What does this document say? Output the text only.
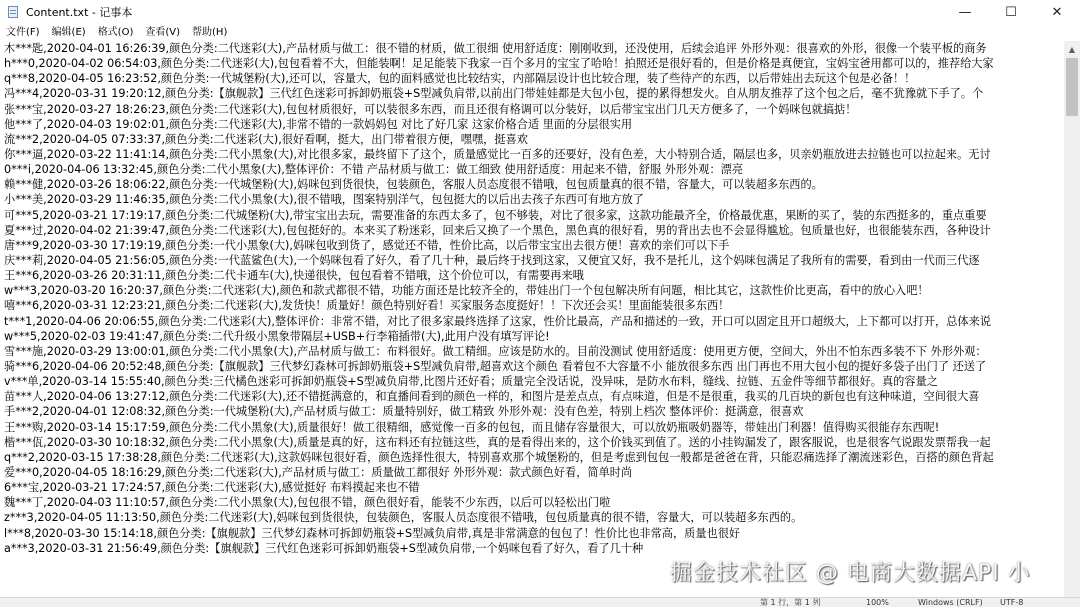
Content.txt - 记事本	—	☐	✕
文件(F)	编辑(E)	格式(O)	查看(V)	帮助(H)
木***匙,2020-04-01 16:26:39,颜色分类:二代迷彩(大),产品材质与做工：很不错的材质，做工很细 使用舒适度：刚刚收到，还没使用，后续会追评 外形外观：很喜欢的外形，很像一个装平板的商务
h***0,2020-04-02 06:54:03,颜色分类:二代迷彩(大),包包看着不大，但能装啊！足足能装下我家一百个多月的宝宝了哈哈！拍照还是很好看的，但是价格是真便宜，宝妈宝爸用都可以的，推荐给大家
q***8,2020-04-05 16:23:52,颜色分类:一代城堡粉(大),还可以，容量大，包的面料感觉也比较结实，内部隔层设计也比较合理，装了些待产的东西，以后带娃出去玩这个包是必备！！
冯***4,2020-03-31 19:20:12,颜色分类:【旗舰款】三代红色迷彩可拆卸奶瓶袋+S型减负肩带,以前出门带娃娃都是大包小包，提的累得想发火。自从朋友推荐了这个包之后，毫不犹豫就下手了。个
张***宝,2020-03-27 18:26:23,颜色分类:二代迷彩(大),包包材质很好，可以装很多东西，而且还很有格调可以分装好，以后带宝宝出门几天方便多了，一个妈咪包就搞掂！
他***了,2020-04-03 19:02:01,颜色分类:二代迷彩(大),非常不错的一款妈妈包 对比了好几家 这家价格合适 里面的分层很实用
流***2,2020-04-05 07:33:37,颜色分类:二代迷彩(大),很好看啊，挺大，出门带着很方便，嘿嘿，挺喜欢
你***逼,2020-03-22 11:41:14,颜色分类:二代小黑象(大),对比很多家，最终留下了这个，质量感觉比一百多的还要好，没有色差，大小特别合适，隔层也多，贝亲奶瓶放进去拉链也可以拉起来。无讨
0***i,2020-04-06 13:32:45,颜色分类:二代小黑象(大),整体评价：不错 产品材质与做工：做工细致 使用舒适度：用起来不错，舒服 外形外观：漂亮
赖***健,2020-03-26 18:06:22,颜色分类:一代城堡粉(大),妈咪包到货很快，包装颜色，客服人员态度很不错哦，包包质量真的很不错，容量大，可以装超多东西的。
小***美,2020-03-29 11:46:35,颜色分类:二代小黑象(大),很不错哦，图案特别洋气，包包挺大的以后出去孩子东西可有地方放了
可***5,2020-03-21 17:19:17,颜色分类:二代城堡粉(大),带宝宝出去玩，需要准备的东西太多了，包不够装，对比了很多家，这款功能最齐全，价格最优惠，果断的买了，装的东西挺多的，重点重要
夏***过,2020-04-02 21:39:47,颜色分类:二代迷彩(大),包包挺好的。本来买了粉迷彩，回来后又换了一个黑色，黑色真的很好看，男的背出去也不会显得尴尬。包质量也好，也很能装东西，各种设计
唐***9,2020-03-30 17:19:19,颜色分类:一代小黑象(大),妈咪包收到货了，感觉还不错，性价比高，以后带宝宝出去很方便！喜欢的亲们可以下手
庆***莉,2020-04-05 21:56:05,颜色分类:一代蓝鲨色(大),一个妈咪包看了好久，看了几十种，最后终于找到这家，又便宜又好，我不是托儿，这个妈咪包满足了我所有的需要，看到由一代而三代逐
王***6,2020-03-26 20:31:11,颜色分类:二代卡通车(大),快递很快，包包看着不错哦，这个价位可以，有需要再来哦
w***3,2020-03-20 16:20:37,颜色分类:二代迷彩(大),颜色和款式都很不错，功能方面还是比较齐全的，带娃出门一个包包解决所有问题，相比其它，这款性价比更高，看中的放心入吧！
嘻***6,2020-03-31 12:23:21,颜色分类:二代迷彩(大),发货快！质量好！颜色特别好看！买家服务态度挺好！！下次还会买！里面能装很多东西！
t***1,2020-04-06 20:06:55,颜色分类:二代迷彩(大),整体评价：非常不错，对比了很多家最终选择了这家，性价比最高，产品和描述的一致，开口可以固定且开口超级大，上下都可以打开，总体来说
w***5,2020-02-03 19:41:47,颜色分类:二代升级小黑象带隔层+USB+行李箱插带(大),此用户没有填写评论!
雪***施,2020-03-29 13:00:01,颜色分类:二代小黑象(大),产品材质与做工：布料很好。做工精细。应该是防水的。目前没测试 使用舒适度：使用更方便，空间大，外出不怕东西多装不下 外形外观：
骑***6,2020-04-06 20:52:48,颜色分类:【旗舰款】三代梦幻森林可拆卸奶瓶袋+S型减负肩带,超喜欢这个颜色 看着包不大容量不小 能放很多东西 出门再也不用大包小包的提好多袋子出门了 还送了
v***单,2020-03-14 15:55:40,颜色分类:三代橘色迷彩可拆卸奶瓶袋+S型减负肩带,比图片还好看；质量完全没话说，没异味，是防水布料，缝线、拉链、五金件等细节都很好。真的容量之
苗***人,2020-04-06 13:27:12,颜色分类:二代迷彩(大),还不错挺满意的，和直播间看到的颜色一样的，和图片是差点点，有点味道，但是不是很重，我买的几百块的新包也有这种味道，空间很大喜
手***2,2020-04-01 12:08:32,颜色分类:一代城堡粉(大),产品材质与做工：质量特别好，做工精致 外形外观：没有色差，特别上档次 整体评价：挺满意，很喜欢
王***购,2020-03-14 15:17:59,颜色分类:二代小黑象(大),质量很好！做工很精细，感觉像一百多的包包，而且储存容量很大，可以放奶瓶吸奶器等，带娃出门利器！值得购买很能存东西呢!
楷***佤,2020-03-30 10:18:32,颜色分类:二代小黑象(大),质量是真的好，这布料还有拉链这些，真的是看得出来的，这个价钱买到值了。送的小挂钩漏发了，跟客服说，也是很客气说跟发票帮我一起
q***2,2020-03-15 17:38:28,颜色分类:二代迷彩(大),这款妈咪包很好看，颜色选择性很大，特别喜欢那个城堡粉的，但是考虑到包包一般都是爸爸在背，只能忍痛选择了潮流迷彩色，百搭的颜色背起
爱***0,2020-04-05 18:16:29,颜色分类:二代迷彩(大),产品材质与做工：质量做工都很好 外形外观：款式颜色好看，简单时尚
6***宝,2020-03-21 17:24:57,颜色分类:二代迷彩(大),感觉挺好 布料摸起来也不错
魏***丁,2020-04-03 11:10:57,颜色分类:二代小黑象(大),包包很不错，颜色很好看，能装不少东西，以后可以轻松出门啦
z***3,2020-04-05 11:13:50,颜色分类:二代迷彩(大),妈咪包到货很快，包装颜色，客服人员态度很不错哦，包包质量真的很不错，容量大，可以装超多东西的。
l***8,2020-03-30 15:14:18,颜色分类:【旗舰款】三代梦幻森林可拆卸奶瓶袋+S型减负肩带,真是非常满意的包包了！性价比也非常高，质量也很好
a***3,2020-03-31 21:56:49,颜色分类:【旗舰款】三代红色迷彩可拆卸奶瓶袋+S型减负肩带,一个妈咪包看了好久，看了几十种
▲
掘金技术社区 @ 电商大数据API 小
第 1 行，第 1 列	100%	Windows (CRLF) UTF-8
